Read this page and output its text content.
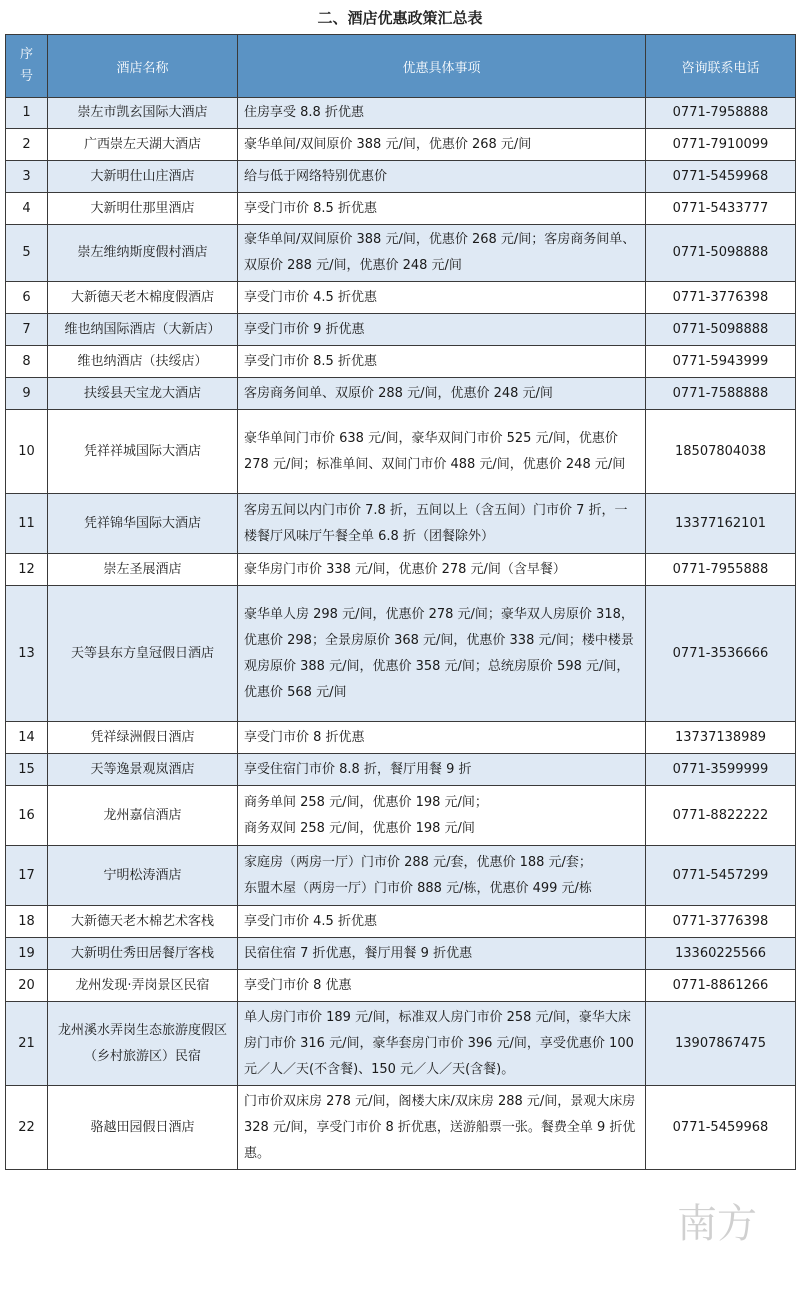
二、酒店优惠政策汇总表
序
号	酒店名称	优惠具体事项	咨询联系电话
1	崇左市凯玄国际大酒店	住房享受 8.8 折优惠	0771-7958888
2	广西崇左天湖大酒店	豪华单间/双间原价 388 元/间，优惠价 268 元/间	0771-7910099
3	大新明仕山庄酒店	给与低于网络特别优惠价	0771-5459968
4	大新明仕那里酒店	享受门市价 8.5 折优惠	0771-5433777
5	崇左维纳斯度假村酒店	豪华单间/双间原价 388 元/间，优惠价 268 元/间；客房商务间单、双原价 288 元/间，优惠价 248 元/间	0771-5098888
6	大新德天老木棉度假酒店	享受门市价 4.5 折优惠	0771-3776398
7	维也纳国际酒店（大新店）	享受门市价 9 折优惠	0771-5098888
8	维也纳酒店（扶绥店）	享受门市价 8.5 折优惠	0771-5943999
9	扶绥县天宝龙大酒店	客房商务间单、双原价 288 元/间，优惠价 248 元/间	0771-7588888
10	凭祥祥城国际大酒店	豪华单间门市价 638 元/间，豪华双间门市价 525 元/间，优惠价 278 元/间；标准单间、双间门市价 488 元/间，优惠价 248 元/间	18507804038
11	凭祥锦华国际大酒店	客房五间以内门市价 7.8 折，五间以上（含五间）门市价 7 折，一楼餐厅风味厅午餐全单 6.8 折（团餐除外）	13377162101
12	崇左圣展酒店	豪华房门市价 338 元/间，优惠价 278 元/间（含早餐）	0771-7955888
13	天等县东方皇冠假日酒店	豪华单人房 298 元/间，优惠价 278 元/间；豪华双人房原价 318，优惠价 298；全景房原价 368 元/间，优惠价 338 元/间；楼中楼景观房原价 388 元/间，优惠价 358 元/间；总统房原价 598 元/间，优惠价 568 元/间	0771-3536666
14	凭祥绿洲假日酒店	享受门市价 8 折优惠	13737138989
15	天等逸景观岚酒店	享受住宿门市价 8.8 折，餐厅用餐 9 折	0771-3599999
16	龙州嘉信酒店	商务单间 258 元/间，优惠价 198 元/间；
商务双间 258 元/间，优惠价 198 元/间	0771-8822222
17	宁明松涛酒店	家庭房（两房一厅）门市价 288 元/套，优惠价 188 元/套；
东盟木屋（两房一厅）门市价 888 元/栋，优惠价 499 元/栋	0771-5457299
18	大新德天老木棉艺术客栈	享受门市价 4.5 折优惠	0771-3776398
19	大新明仕秀田居餐厅客栈	民宿住宿 7 折优惠，餐厅用餐 9 折优惠	13360225566
20	龙州发现·弄岗景区民宿	享受门市价 8 优惠	0771-8861266
21	龙州溪水弄岗生态旅游度假区（乡村旅游区）民宿	单人房门市价 189 元/间，标准双人房门市价 258 元/间，豪华大床房门市价 316 元/间，豪华套房门市价 396 元/间，享受优惠价 100 元／人／天(不含餐)、150 元／人／天(含餐)。	13907867475
22	骆越田园假日酒店	门市价双床房 278 元/间，阁楼大床/双床房 288 元/间，景观大床房 328 元/间，享受门市价 8 折优惠，送游船票一张。餐费全单 9 折优惠。	0771-5459968
南方
